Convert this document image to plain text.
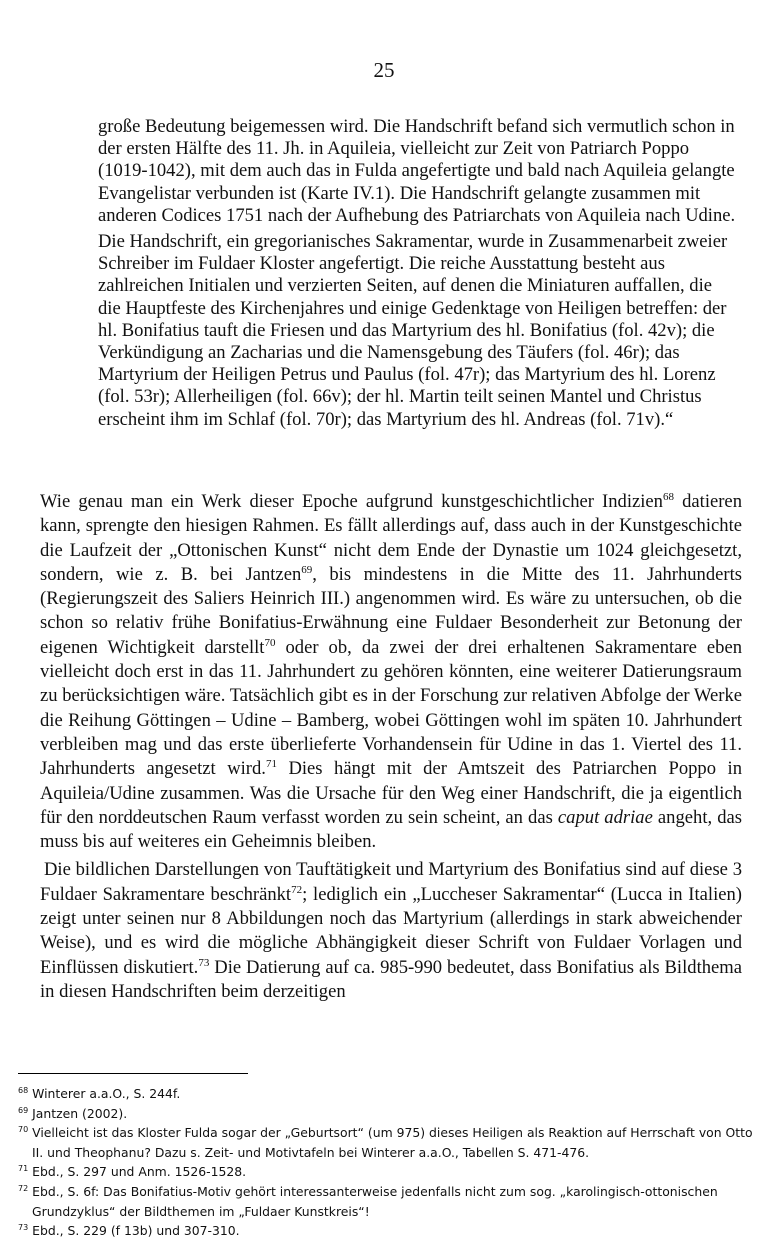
25

große Bedeutung beigemessen wird. Die Handschrift befand sich vermutlich schon in der ersten Hälfte des 11. Jh. in Aquileia, vielleicht zur Zeit von Patriarch Poppo (1019-1042), mit dem auch das in Fulda angefertigte und bald nach Aquileia gelangte Evangelistar verbunden ist (Karte IV.1). Die Handschrift gelangte zusammen mit anderen Codices 1751 nach der Aufhebung des Patriarchats von Aquileia nach Udine.

Die Handschrift, ein gregorianisches Sakramentar, wurde in Zusammenarbeit zweier Schreiber im Fuldaer Kloster angefertigt. Die reiche Ausstattung besteht aus zahlreichen Initialen und verzierten Seiten, auf denen die Miniaturen auffallen, die die Hauptfeste des Kirchenjahres und einige Gedenktage von Heiligen betreffen: der hl. Bonifatius tauft die Friesen und das Martyrium des hl. Bonifatius (fol. 42v); die Verkündigung an Zacharias und die Namensgebung des Täufers (fol. 46r); das Martyrium der Heiligen Petrus und Paulus (fol. 47r); das Martyrium des hl. Lorenz (fol. 53r); Allerheiligen (fol. 66v); der hl. Martin teilt seinen Mantel und Christus erscheint ihm im Schlaf (fol. 70r); das Martyrium des hl. Andreas (fol. 71v).“

Wie genau man ein Werk dieser Epoche aufgrund kunstgeschichtlicher Indizien$^{68}$ datieren kann, sprengte den hiesigen Rahmen. Es fällt allerdings auf, dass auch in der Kunstgeschichte die Laufzeit der „Ottonischen Kunst“ nicht dem Ende der Dynastie um 1024 gleichgesetzt, sondern, wie z. B. bei Jantzen$^{69}$, bis mindestens in die Mitte des 11. Jahrhunderts (Regierungszeit des Saliers Heinrich III.) angenommen wird. Es wäre zu untersuchen, ob die schon so relativ frühe Bonifatius-Erwähnung eine Fuldaer Besonderheit zur Betonung der eigenen Wichtigkeit darstellt$^{70}$ oder ob, da zwei der drei erhaltenen Sakramentare eben vielleicht doch erst in das 11. Jahrhundert zu gehören könnten, eine weiterer Datierungsraum zu berücksichtigen wäre. Tatsächlich gibt es in der Forschung zur relativen Abfolge der Werke die Reihung Göttingen – Udine – Bamberg, wobei Göttingen wohl im späten 10. Jahrhundert verbleiben mag und das erste überlieferte Vorhandensein für Udine in das 1. Viertel des 11. Jahrhunderts angesetzt wird.$^{71}$ Dies hängt mit der Amtszeit des Patriarchen Poppo in Aquileia/Udine zusammen. Was die Ursache für den Weg einer Handschrift, die ja eigentlich für den norddeutschen Raum verfasst worden zu sein scheint, an das caput adriae angeht, das muss bis auf weiteres ein Geheimnis bleiben.

Die bildlichen Darstellungen von Tauftätigkeit und Martyrium des Bonifatius sind auf diese 3 Fuldaer Sakramentare beschränkt$^{72}$; lediglich ein „Luccheser Sakramentar“ (Lucca in Italien) zeigt unter seinen nur 8 Abbildungen noch das Martyrium (allerdings in stark abweichender Weise), und es wird die mögliche Abhängigkeit dieser Schrift von Fuldaer Vorlagen und Einflüssen diskutiert.$^{73}$ Die Datierung auf ca. 985-990 bedeutet, dass Bonifatius als Bildthema in diesen Handschriften beim derzeitigen

$^{68}$ Winterer a.a.O., S. 244f.

$^{69}$ Jantzen (2002).

$^{70}$ Vielleicht ist das Kloster Fulda sogar der „Geburtsort“ (um 975) dieses Heiligen als Reaktion auf Herrschaft von Otto II. und Theophanu? Dazu s. Zeit- und Motivtafeln bei Winterer a.a.O., Tabellen S. 471-476.

$^{71}$ Ebd., S. 297 und Anm. 1526-1528.

$^{72}$ Ebd., S. 6f: Das Bonifatius-Motiv gehört interessanterweise jedenfalls nicht zum sog. „karolingisch-ottonischen Grundzyklus“ der Bildthemen im „Fuldaer Kunstkreis“!

$^{73}$ Ebd., S. 229 (f 13b) und 307-310.
